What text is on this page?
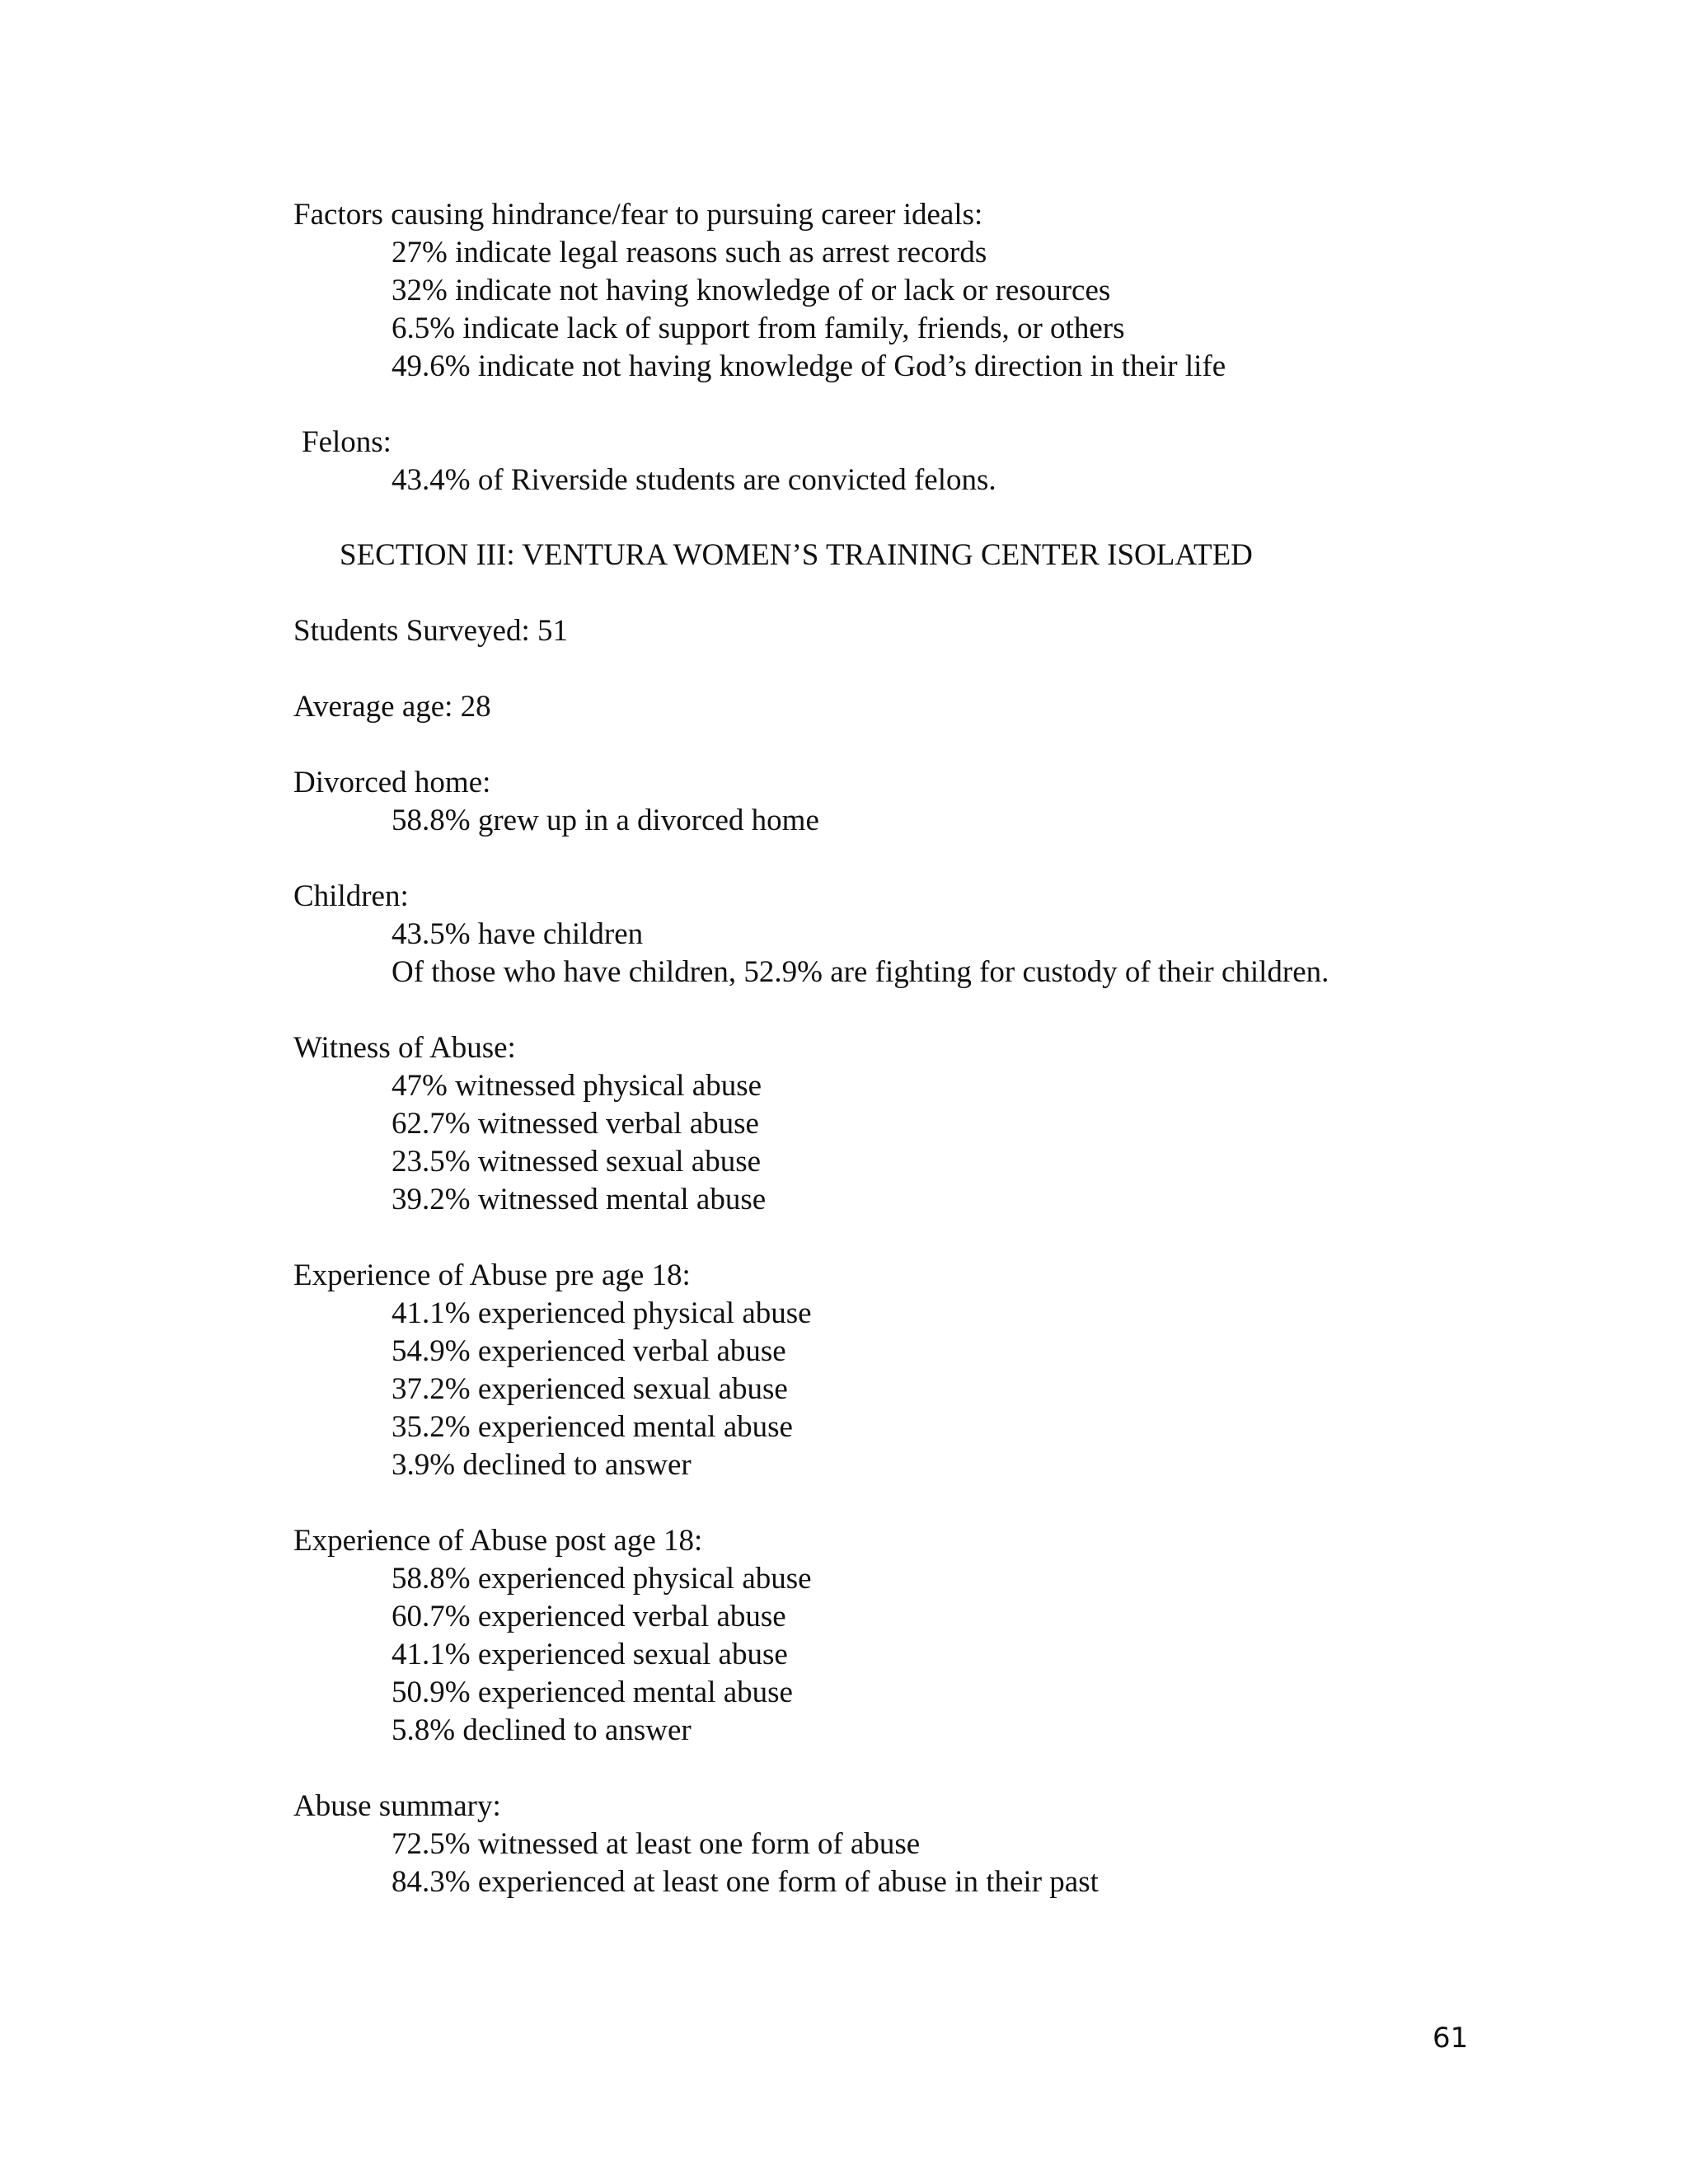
Factors causing hindrance/fear to pursuing career ideals:
27% indicate legal reasons such as arrest records
32% indicate not having knowledge of or lack or resources
6.5% indicate lack of support from family, friends, or others
49.6% indicate not having knowledge of God’s direction in their life
Felons:
43.4% of Riverside students are convicted felons.
SECTION III: VENTURA WOMEN’S TRAINING CENTER ISOLATED
Students Surveyed: 51
Average age: 28
Divorced home:
58.8% grew up in a divorced home
Children:
43.5% have children
Of those who have children, 52.9% are fighting for custody of their children.
Witness of Abuse:
47% witnessed physical abuse
62.7% witnessed verbal abuse
23.5% witnessed sexual abuse
39.2% witnessed mental abuse
Experience of Abuse pre age 18:
41.1% experienced physical abuse
54.9% experienced verbal abuse
37.2% experienced sexual abuse
35.2% experienced mental abuse
3.9% declined to answer
Experience of Abuse post age 18:
58.8% experienced physical abuse
60.7% experienced verbal abuse
41.1% experienced sexual abuse
50.9% experienced mental abuse
5.8% declined to answer
Abuse summary:
72.5% witnessed at least one form of abuse
84.3% experienced at least one form of abuse in their past
61
